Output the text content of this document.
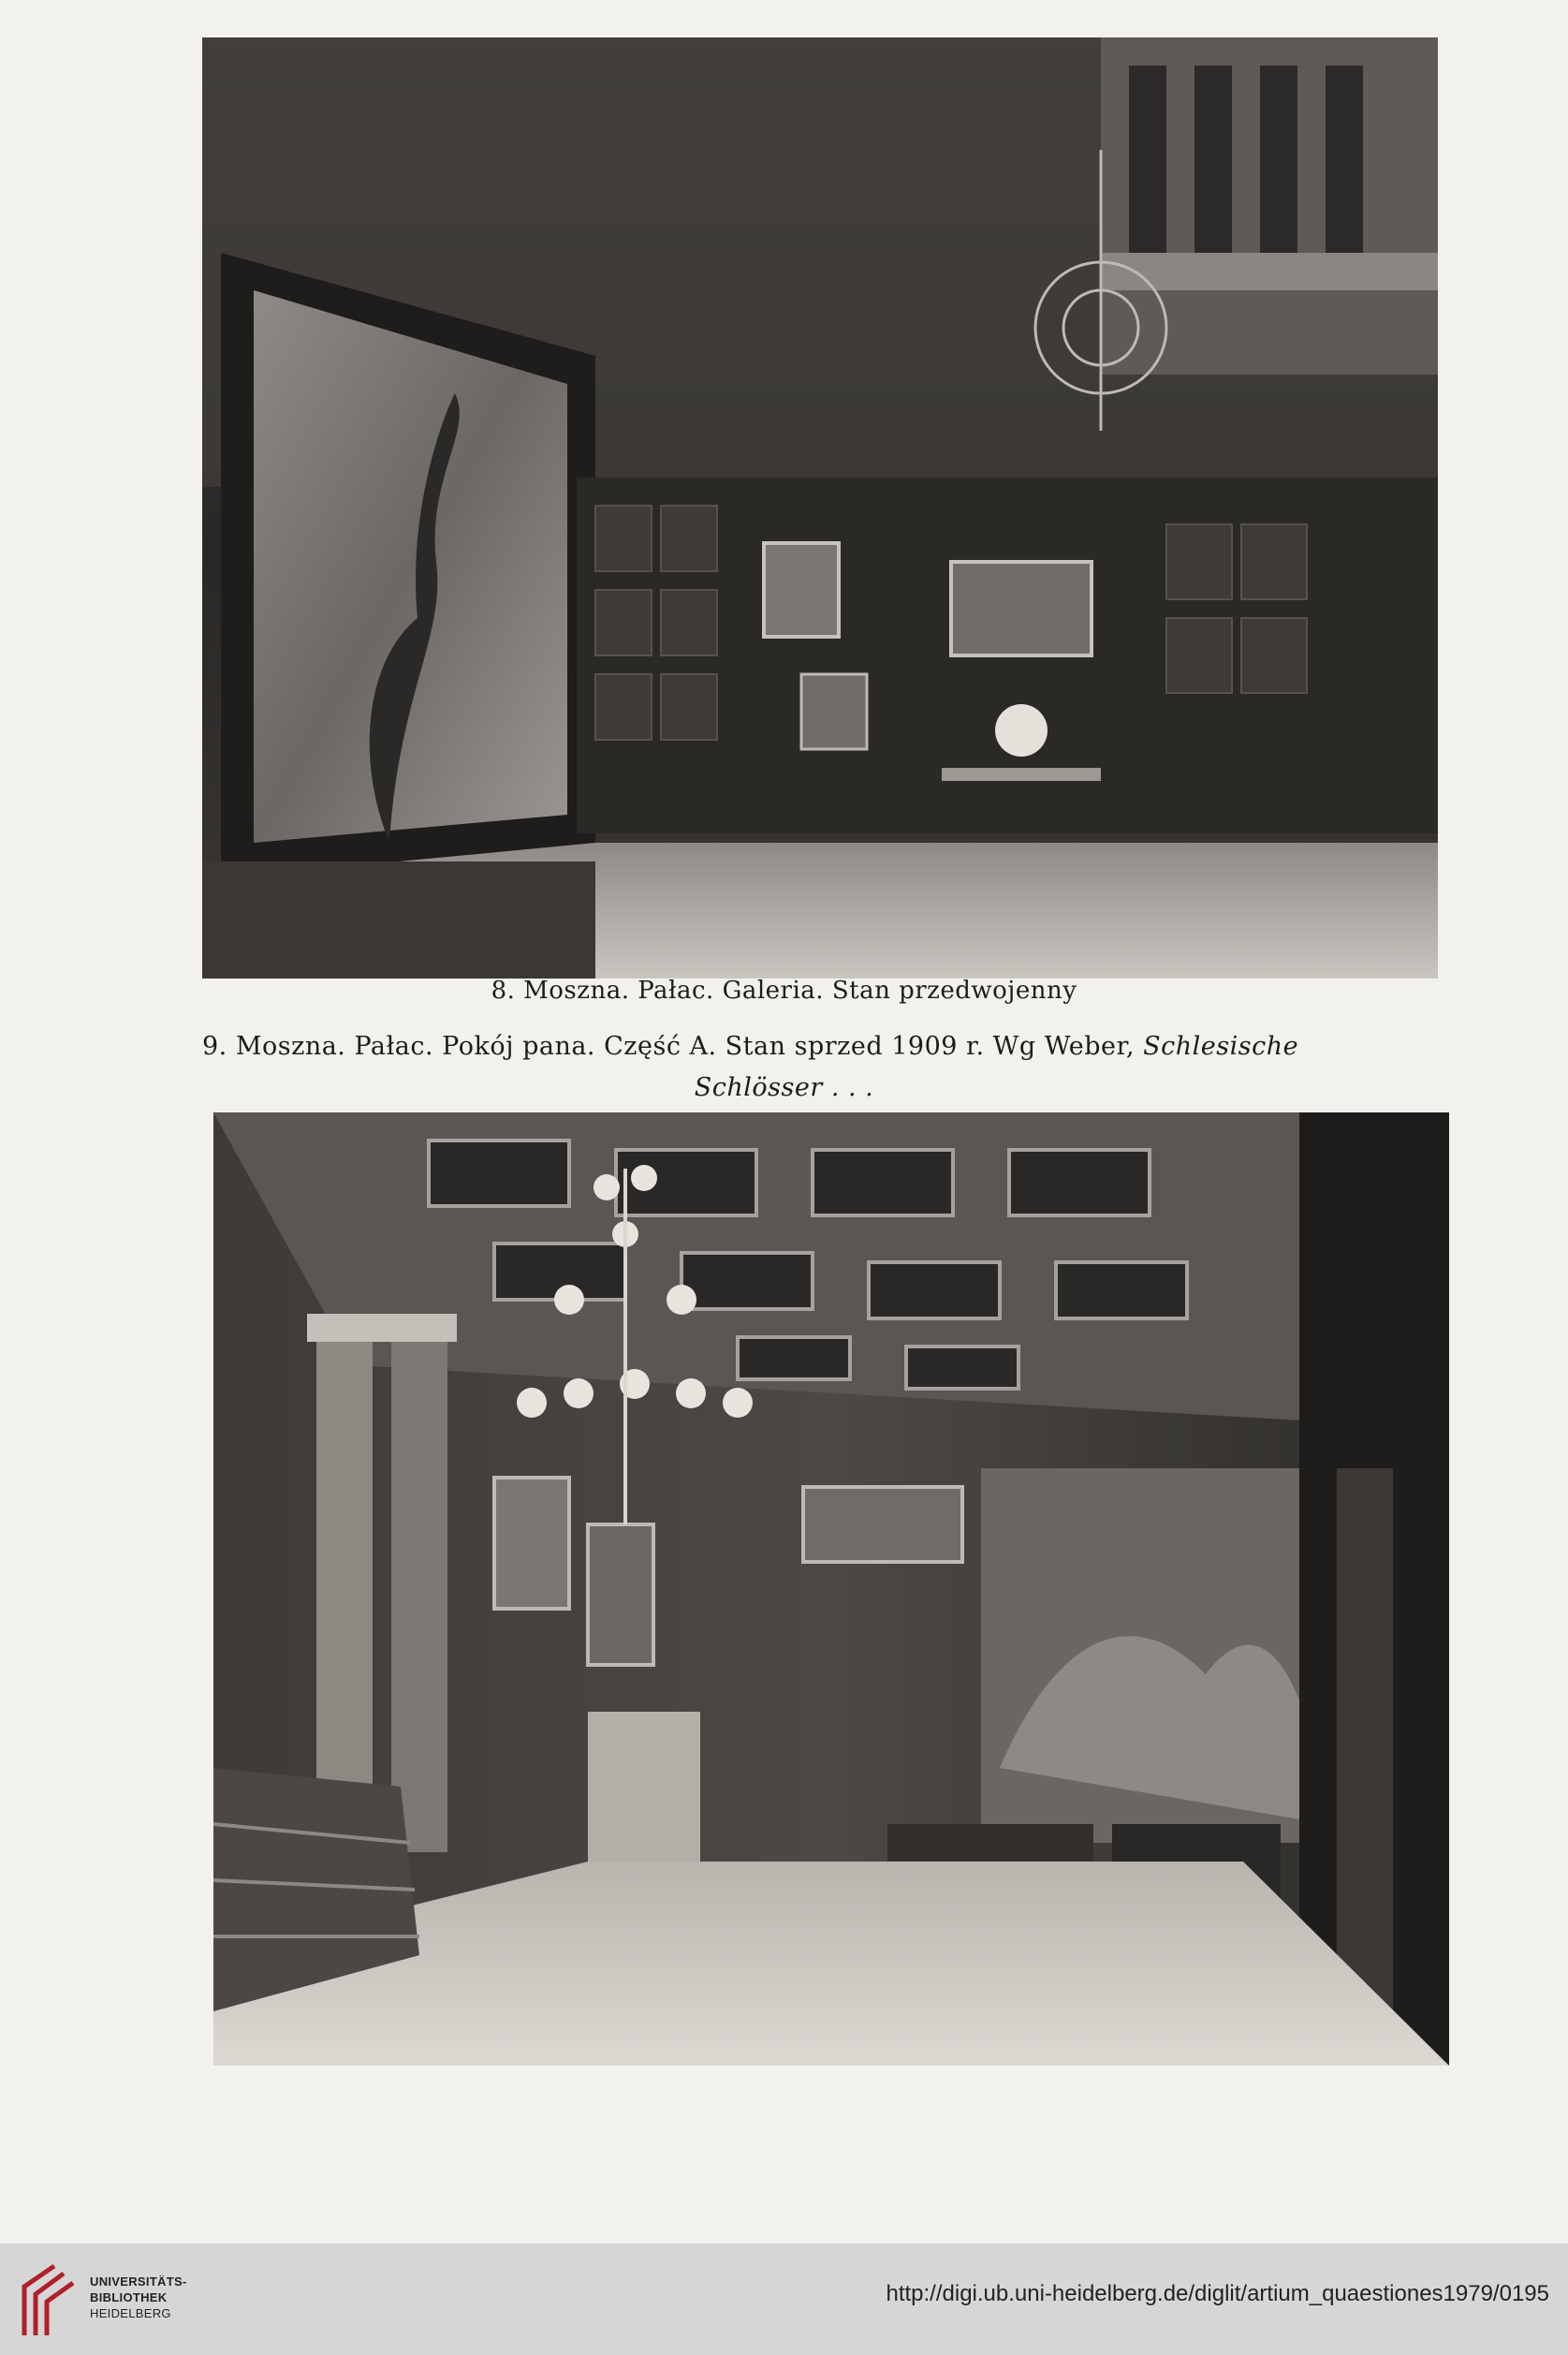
8. Moszna. Pałac. Galeria. Stan przedwojenny
9. Moszna. Pałac. Pokój pana. Część A. Stan sprzed 1909 r. Wg Weber, Schlesische
Schlösser . . .
UNIVERSITÄTS-
BIBLIOTHEK
HEIDELBERG
http://digi.ub.uni-heidelberg.de/diglit/artium_quaestiones1979/0195
